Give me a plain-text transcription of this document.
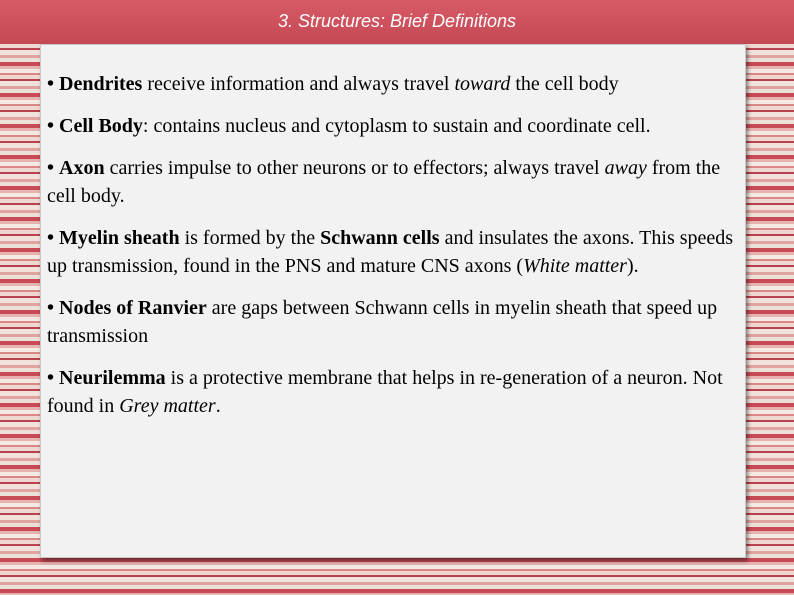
3. Structures: Brief Definitions

• Dendrites receive information and always travel toward the cell body

• Cell Body: contains nucleus and cytoplasm to sustain and coordinate cell.

• Axon carries impulse to other neurons or to effectors; always travel away from the cell body.

• Myelin sheath is formed by the Schwann cells and insulates the axons. This speeds up transmission, found in the PNS and mature CNS axons (White matter).

• Nodes of Ranvier are gaps between Schwann cells in myelin sheath that speed up transmission

• Neurilemma is a protective membrane that helps in re-generation of a neuron. Not found in Grey matter.
